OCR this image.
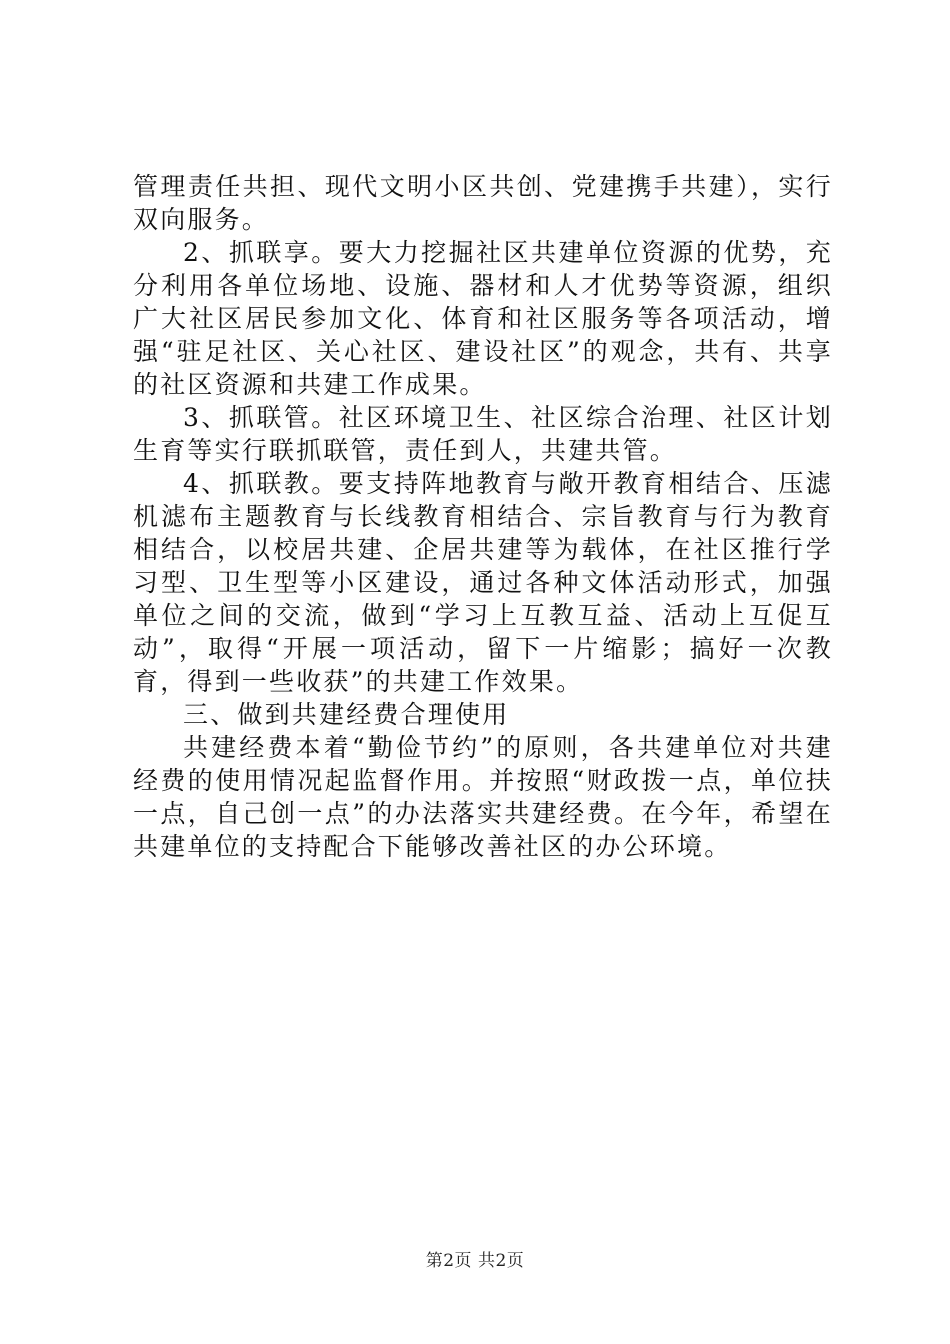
管理责任共担、现代文明小区共创、党建携手共建），实行双向服务。

2、抓联享。要大力挖掘社区共建单位资源的优势，充分利用各单位场地、设施、器材和人才优势等资源，组织广大社区居民参加文化、体育和社区服务等各项活动，增强“驻足社区、关心社区、建设社区”的观念，共有、共享的社区资源和共建工作成果。

3、抓联管。社区环境卫生、社区综合治理、社区计划生育等实行联抓联管，责任到人，共建共管。

4、抓联教。要支持阵地教育与敞开教育相结合、压滤机滤布主题教育与长线教育相结合、宗旨教育与行为教育相结合，以校居共建、企居共建等为载体，在社区推行学习型、卫生型等小区建设，通过各种文体活动形式，加强单位之间的交流，做到“学习上互教互益、活动上互促互动”，取得“开展一项活动，留下一片缩影；搞好一次教育，得到一些收获”的共建工作效果。

三、做到共建经费合理使用

共建经费本着“勤俭节约”的原则，各共建单位对共建经费的使用情况起监督作用。并按照“财政拨一点，单位扶一点，自己创一点”的办法落实共建经费。在今年，希望在共建单位的支持配合下能够改善社区的办公环境。

第2页 共2页
